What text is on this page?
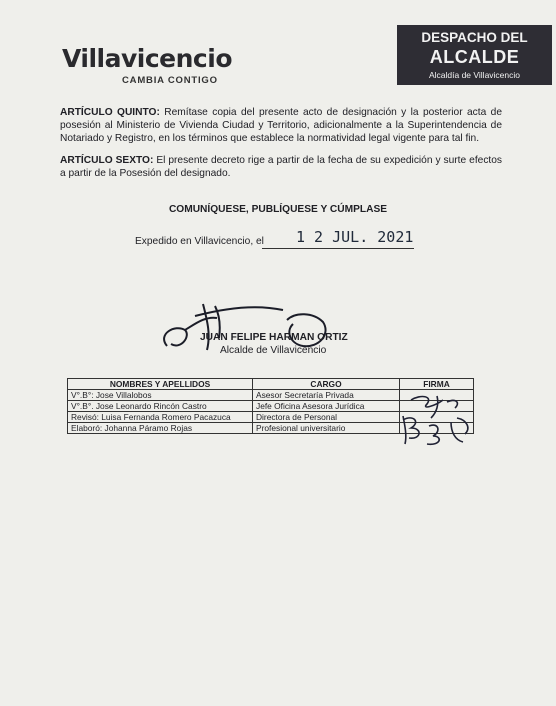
Villavicencio
CAMBIA CONTIGO
DESPACHO DEL
ALCALDE
Alcaldía de Villavicencio
ARTÍCULO QUINTO: Remítase copia del presente acto de designación y la posterior acta de posesión al Ministerio de Vivienda Ciudad y Territorio, adicionalmente a la Superintendencia de Notariado y Registro, en los términos que establece la normatividad legal vigente para tal fin.
ARTÍCULO SEXTO: El presente decreto rige a partir de la fecha de su expedición y surte efectos a partir de la Posesión del designado.
COMUNÍQUESE, PUBLÍQUESE Y CÚMPLASE
Expedido en Villavicencio, el 1 2 JUL. 2021
JUAN FELIPE HARMAN ORTIZ
Alcalde de Villavicencio
NOMBRES Y APELLIDOS	CARGO	FIRMA
V°.B°: Jose Villalobos	Asesor Secretaría Privada	
V°.B°. Jose Leonardo Rincón Castro	Jefe Oficina Asesora Jurídica	
Revisó: Luisa Fernanda Romero Pacazuca	Directora de Personal	
Elaboró: Johanna Páramo Rojas	Profesional universitario	
